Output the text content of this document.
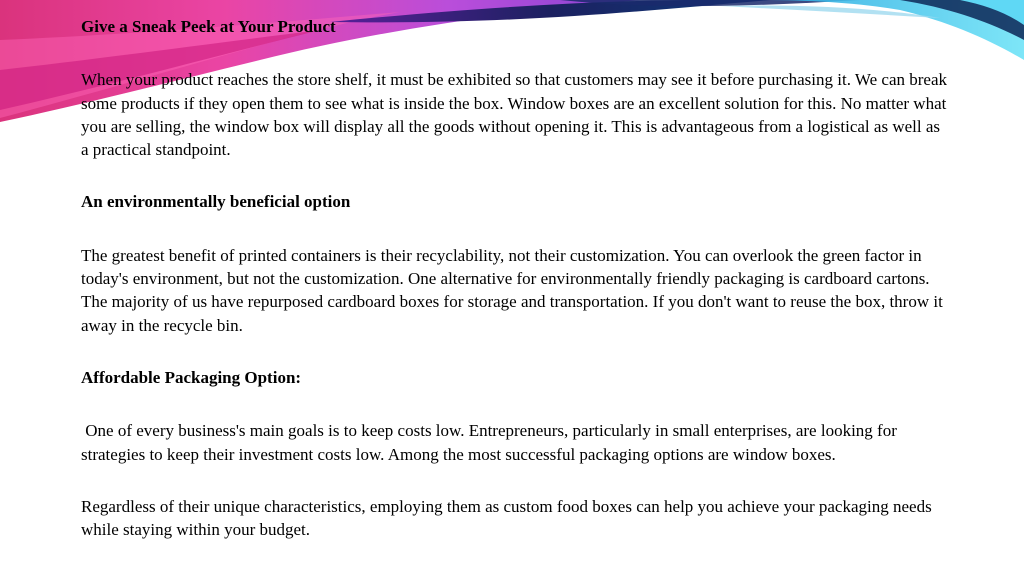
Give a Sneak Peek at Your Product

When your product reaches the store shelf, it must be exhibited so that customers may see it before purchasing it. We can break some products if they open them to see what is inside the box. Window boxes are an excellent solution for this. No matter what you are selling, the window box will display all the goods without opening it. This is advantageous from a logistical as well as a practical standpoint.

An environmentally beneficial option

The greatest benefit of printed containers is their recyclability, not their customization. You can overlook the green factor in today's environment, but not the customization. One alternative for environmentally friendly packaging is cardboard cartons. The majority of us have repurposed cardboard boxes for storage and transportation. If you don't want to reuse the box, throw it away in the recycle bin.

Affordable Packaging Option:

One of every business's main goals is to keep costs low. Entrepreneurs, particularly in small enterprises, are looking for strategies to keep their investment costs low. Among the most successful packaging options are window boxes.

Regardless of their unique characteristics, employing them as custom food boxes can help you achieve your packaging needs while staying within your budget.
